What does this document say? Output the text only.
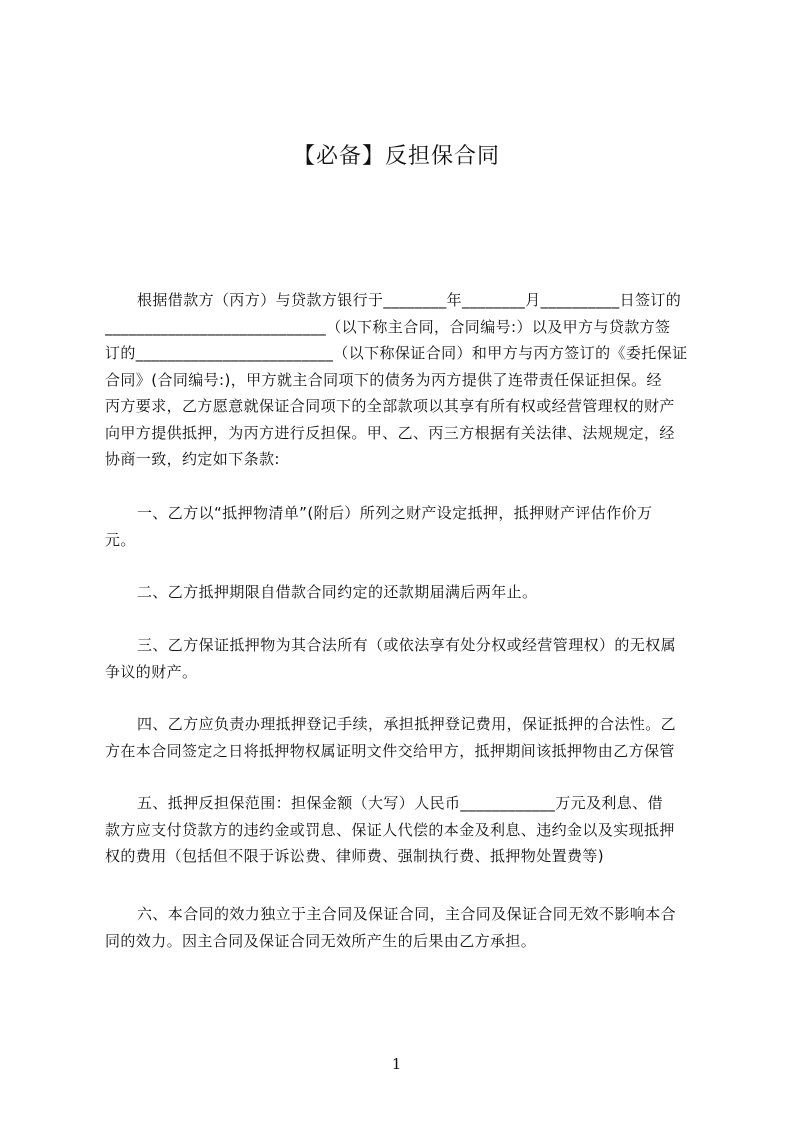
【必备】反担保合同
根据借款方（丙方）与贷款方银行于________年________月__________日签订的
____________________________（以下称主合同，合同编号:）以及甲方与贷款方签
订的_________________________（以下称保证合同）和甲方与丙方签订的《委托保证
合同》(合同编号:)，甲方就主合同项下的债务为丙方提供了连带责任保证担保。经
丙方要求，乙方愿意就保证合同项下的全部款项以其享有所有权或经营管理权的财产
向甲方提供抵押，为丙方进行反担保。甲、乙、丙三方根据有关法律、法规规定，经
协商一致，约定如下条款:
一、乙方以“抵押物清单”(附后）所列之财产设定抵押，抵押财产评估作价万
元。
二、乙方抵押期限自借款合同约定的还款期届满后两年止。
三、乙方保证抵押物为其合法所有（或依法享有处分权或经营管理权）的无权属
争议的财产。
四、乙方应负责办理抵押登记手续，承担抵押登记费用，保证抵押的合法性。乙
方在本合同签定之日将抵押物权属证明文件交给甲方，抵押期间该抵押物由乙方保管
五、抵押反担保范围：担保金额（大写）人民币____________万元及利息、借
款方应支付贷款方的违约金或罚息、保证人代偿的本金及利息、违约金以及实现抵押
权的费用（包括但不限于诉讼费、律师费、强制执行费、抵押物处置费等)
六、本合同的效力独立于主合同及保证合同，主合同及保证合同无效不影响本合
同的效力。因主合同及保证合同无效所产生的后果由乙方承担。
1
